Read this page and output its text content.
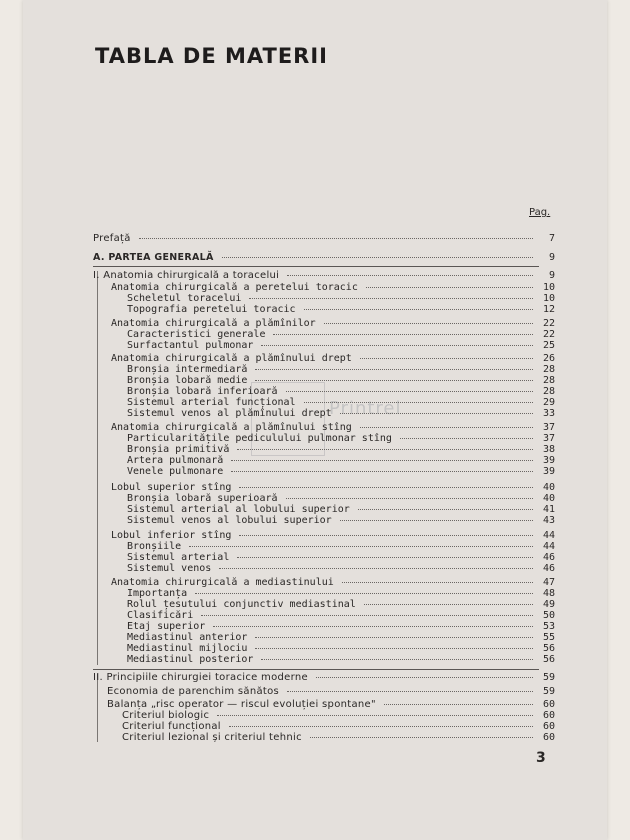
TABLA DE MATERII
Pag.
Printrel
Prefață	7
A. PARTEA GENERALĂ	9
I. Anatomia chirurgicală a toracelui	9
Anatomia chirurgicală a peretelui toracic	10
Scheletul toracelui	10
Topografia peretelui toracic	12
Anatomia chirurgicală a plămînilor	22
Caracteristici generale	22
Surfactantul pulmonar	25
Anatomia chirurgicală a plămînului drept	26
Bronșia intermediară	28
Bronșia lobară medie	28
Bronșia lobară inferioară	28
Sistemul arterial funcțional	29
Sistemul venos al plămînului drept	33
Anatomia chirurgicală a plămînului stîng	37
Particularitățile pediculului pulmonar stîng	37
Bronșia primitivă	38
Artera pulmonară	39
Venele pulmonare	39
Lobul superior stîng	40
Bronșia lobară superioară	40
Sistemul arterial al lobului superior	41
Sistemul venos al lobului superior	43
Lobul inferior stîng	44
Bronșiile	44
Sistemul arterial	46
Sistemul venos	46
Anatomia chirurgicală a mediastinului	47
Importanța	48
Rolul țesutului conjunctiv mediastinal	49
Clasificări	50
Etaj superior	53
Mediastinul anterior	55
Mediastinul mijlociu	56
Mediastinul posterior	56
II. Principiile chirurgiei toracice moderne	59
Economia de parenchim sănătos	59
Balanța „risc operator — riscul evoluției spontane"	60
Criteriul biologic	60
Criteriul funcțional	60
Criteriul lezional și criteriul tehnic	60
3
